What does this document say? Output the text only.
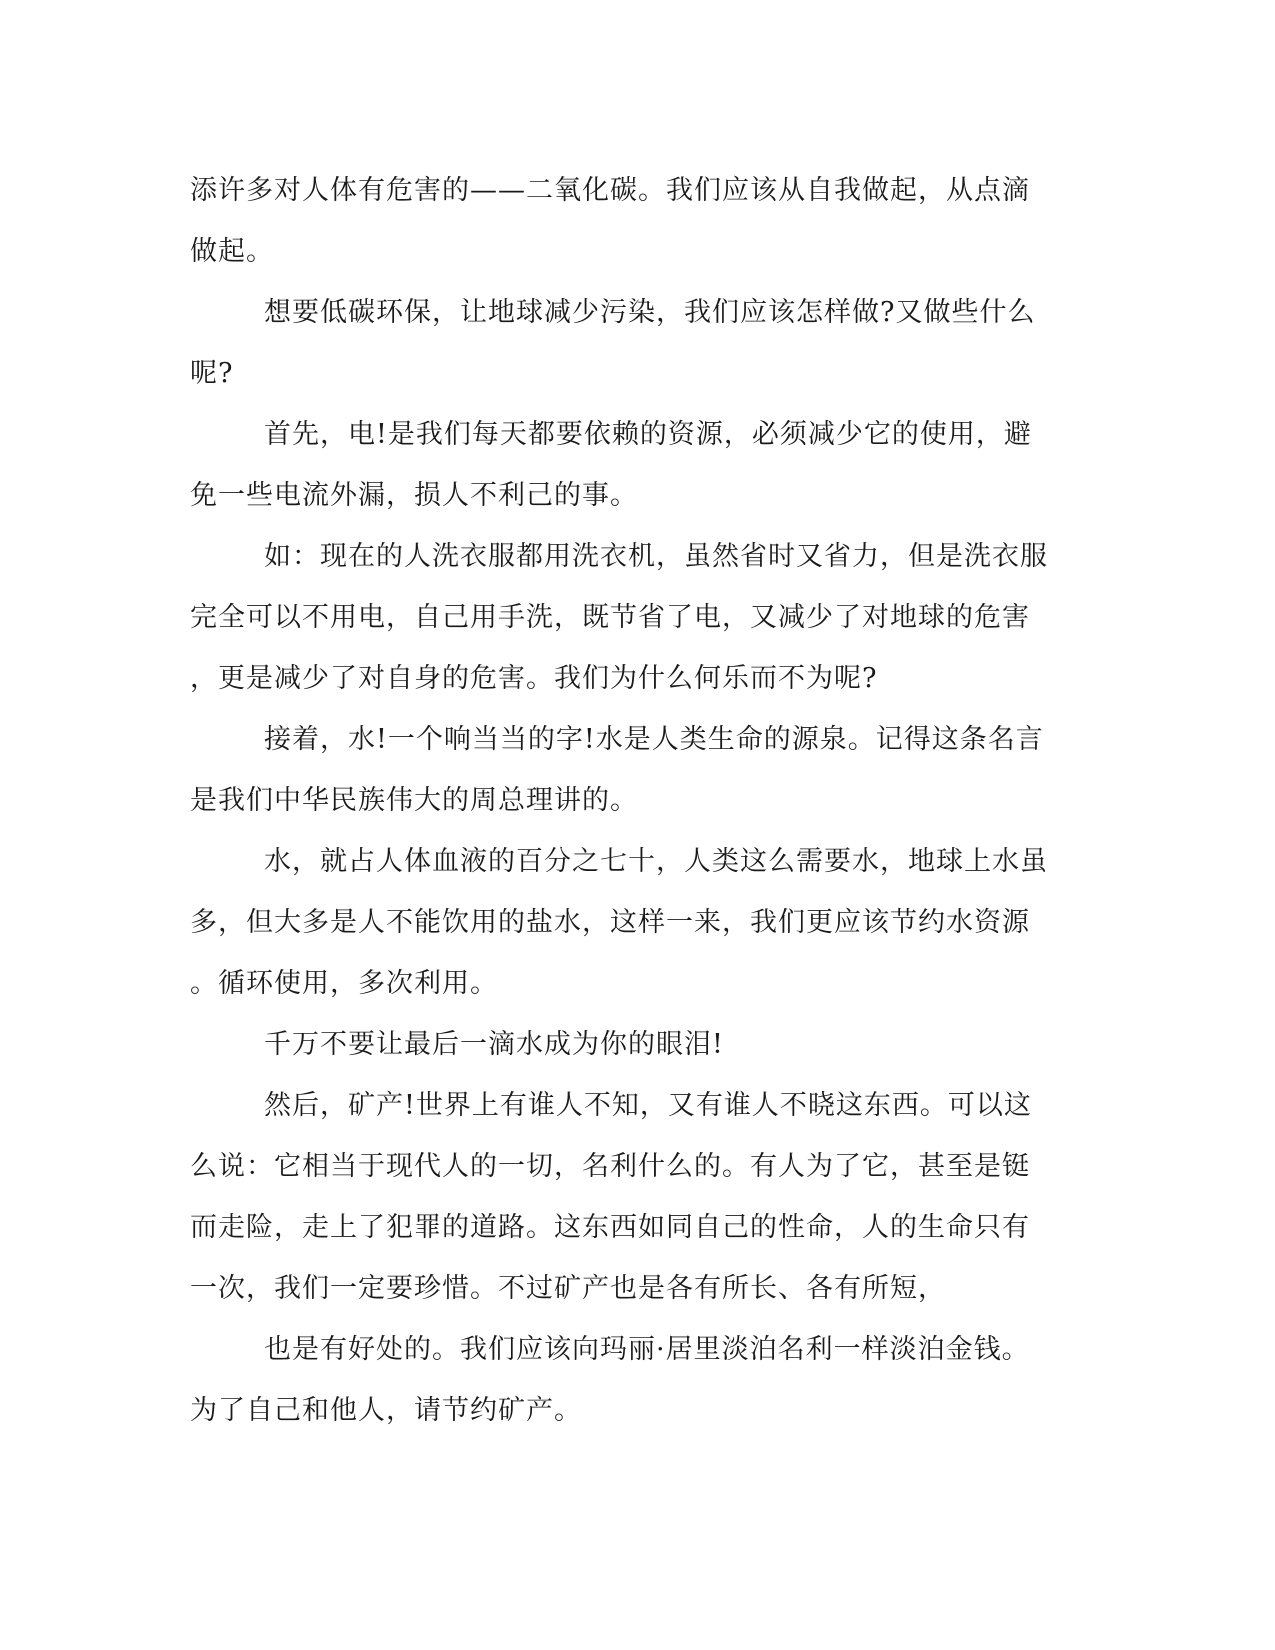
添许多对人体有危害的——二氧化碳。我们应该从自我做起，从点滴
做起。
想要低碳环保，让地球减少污染，我们应该怎样做?又做些什么
呢?
首先，电!是我们每天都要依赖的资源，必须减少它的使用，避
免一些电流外漏，损人不利己的事。
如：现在的人洗衣服都用洗衣机，虽然省时又省力，但是洗衣服
完全可以不用电，自己用手洗，既节省了电，又减少了对地球的危害
，更是减少了对自身的危害。我们为什么何乐而不为呢?
接着，水!一个响当当的字!水是人类生命的源泉。记得这条名言
是我们中华民族伟大的周总理讲的。
水，就占人体血液的百分之七十，人类这么需要水，地球上水虽
多，但大多是人不能饮用的盐水，这样一来，我们更应该节约水资源
。循环使用，多次利用。
千万不要让最后一滴水成为你的眼泪!
然后，矿产!世界上有谁人不知，又有谁人不晓这东西。可以这
么说：它相当于现代人的一切，名利什么的。有人为了它，甚至是铤
而走险，走上了犯罪的道路。这东西如同自己的性命，人的生命只有
一次，我们一定要珍惜。不过矿产也是各有所长、各有所短，
也是有好处的。我们应该向玛丽·居里淡泊名利一样淡泊金钱。
为了自己和他人，请节约矿产。
